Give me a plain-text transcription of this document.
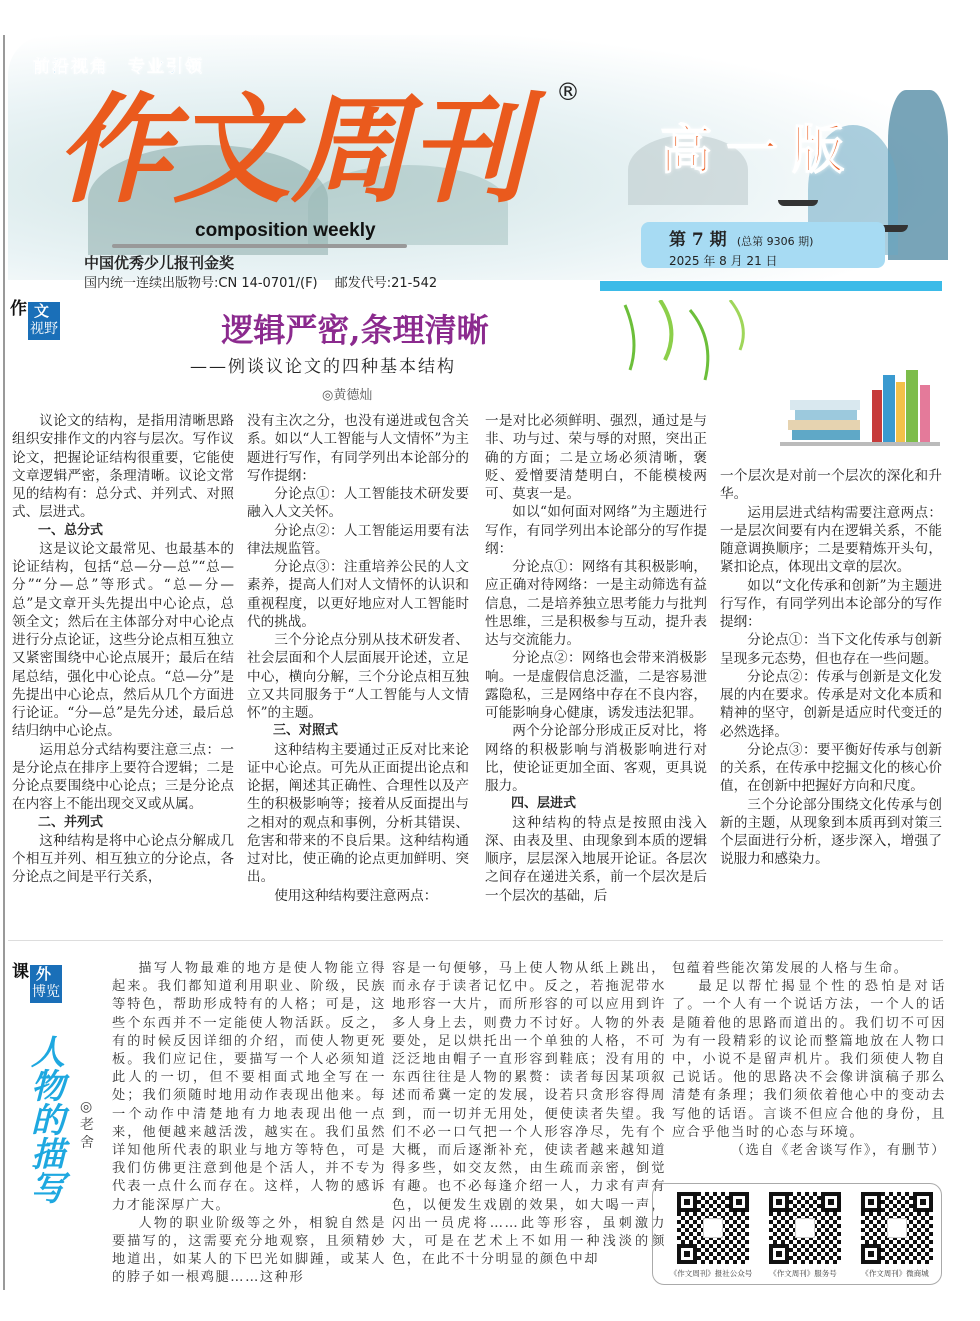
前沿视角　专业引领
作文周刊 ®
composition weekly
中国优秀少儿报刊金奖
国内统一连续出版物号:CN 14-0701/(F)　 邮发代号:21-542
高一版
第 7 期 (总第 9306 期)
2025 年 8 月 21 日
文
作
视野	逻辑严密,条理清晰
——例谈议论文的四种基本结构
◎黄德灿

议论文的结构，是指用清晰思路组织安排作文的内容与层次。写作议论文，把握论证结构很重要，它能使文章逻辑严密，条理清晰。议论文常见的结构有：总分式、并列式、对照式、层进式。

一、总分式

这是议论文最常见、也最基本的论证结构，包括“总—分—总”“总—分”“分—总”等形式。“总—分—总”是文章开头先提出中心论点，总领全文；然后在主体部分对中心论点进行分点论证，这些分论点相互独立又紧密围绕中心论点展开；最后在结尾总结，强化中心论点。“总—分”是先提出中心论点，然后从几个方面进行论证。“分—总”是先分述，最后总结归纳中心论点。

运用总分式结构要注意三点：一是分论点在排序上要符合逻辑；二是分论点要围绕中心论点；三是分论点在内容上不能出现交叉或从属。

二、并列式

这种结构是将中心论点分解成几个相互并列、相互独立的分论点，各分论点之间是平行关系，

没有主次之分，也没有递进或包含关系。如以“人工智能与人文情怀”为主题进行写作，有同学列出本论部分的写作提纲：

分论点①：人工智能技术研发要融入人文关怀。

分论点②：人工智能运用要有法律法规监管。

分论点③：注重培养公民的人文素养，提高人们对人文情怀的认识和重视程度，以更好地应对人工智能时代的挑战。

三个分论点分别从技术研发者、社会层面和个人层面展开论述，立足中心，横向分解，三个分论点相互独立又共同服务于“人工智能与人文情怀”的主题。

三、对照式

这种结构主要通过正反对比来论证中心论点。可先从正面提出论点和论据，阐述其正确性、合理性以及产生的积极影响等；接着从反面提出与之相对的观点和事例，分析其错误、危害和带来的不良后果。这种结构通过对比，使正确的论点更加鲜明、突出。

使用这种结构要注意两点：

一是对比必须鲜明、强烈，通过是与非、功与过、荣与辱的对照，突出正确的方面；二是立场必须清晰，褒贬、爱憎要清楚明白，不能模棱两可、莫衷一是。

如以“如何面对网络”为主题进行写作，有同学列出本论部分的写作提纲：

分论点①：网络有其积极影响，应正确对待网络：一是主动筛选有益信息，二是培养独立思考能力与批判性思维，三是积极参与互动，提升表达与交流能力。

分论点②：网络也会带来消极影响。一是虚假信息泛滥，二是容易泄露隐私，三是网络中存在不良内容，可能影响身心健康，诱发违法犯罪。

两个分论部分形成正反对比，将网络的积极影响与消极影响进行对比，使论证更加全面、客观，更具说服力。

四、层进式

这种结构的特点是按照由浅入深、由表及里、由现象到本质的逻辑顺序，层层深入地展开论证。各层次之间存在递进关系，前一个层次是后一个层次的基础，后

一个层次是对前一个层次的深化和升华。

运用层进式结构需要注意两点：一是层次间要有内在逻辑关系，不能随意调换顺序；二是要精炼开头句，紧扣论点，体现出文章的层次。

如以“文化传承和创新”为主题进行写作，有同学列出本论部分的写作提纲：

分论点①：当下文化传承与创新呈现多元态势，但也存在一些问题。

分论点②：传承与创新是文化发展的内在要求。传承是对文化本质和精神的坚守，创新是适应时代变迁的必然选择。

分论点③：要平衡好传承与创新的关系，在传承中挖掘文化的核心价值，在创新中把握好方向和尺度。

三个分论部分围绕文化传承与创新的主题，从现象到本质再到对策三个层面进行分析，逐步深入，增强了说服力和感染力。

外
课
博览
人物的描写
◎老 舍

描写人物最难的地方是使人物能立得起来。我们都知道利用职业、阶级，民族等特色，帮助形成特有的人格；可是，这些个东西并不一定能使人物活跃。反之，有的时候反因详细的介绍，而使人物更死板。我们应记住，要描写一个人必须知道此人的一切，但不要相面式地全写在一处；我们须随时地用动作表现出他来。每一个动作中清楚地有力地表现出他一点来，他便越来越活泼，越实在。我们虽然详知他所代表的职业与地方等特色，可是我们仿佛更注意到他是个活人，并不专为代表一点什么而存在。这样，人物的感诉力才能深厚广大。

人物的职业阶级等之外，相貌自然是要描写的，这需要充分地观察，且须精妙地道出，如某人的下巴光如脚踵，或某人的脖子如一根鸡腿……这种形

容是一句便够，马上使人物从纸上跳出，而永存于读者记忆中。反之，若拖泥带水地形容一大片，而所形容的可以应用到许多人身上去，则费力不讨好。人物的外表要处，足以烘托出一个单独的人格，不可泛泛地由帽子一直形容到鞋底；没有用的东西往往是人物的累赘：读者每因某项叙述而希冀一定的发展，设若只贪形容得周到，而一切并无用处，便使读者失望。我们不必一口气把一个人形容净尽，先有个大概，而后逐渐补充，使读者越来越知道得多些，如交友然，由生疏而亲密，倒觉有趣。也不必每逢介绍一人，力求有声有色，以便发生戏剧的效果，如大喝一声，闪出一员虎将……此等形容，虽刺激力大，可是在艺术上不如用一种浅淡的颜色，在此不十分明显的颜色中却

包蕴着些能次第发展的人格与生命。

最足以帮忙揭显个性的恐怕是对话了。一个人有一个说话方法，一个人的话是随着他的思路而道出的。我们切不可因为有一段精彩的议论而整篇地放在人物口中，小说不是留声机片。我们须使人物自己说话。他的思路决不会像讲演稿子那么清楚有条理；我们须依着他心中的变动去写他的话语。言谈不但应合他的身份，且应合乎他当时的心态与环境。

（选自《老舍谈写作》，有删节）

《作文周刊》报社公众号	《作文周刊》服务号	《作文周刊》微商城
